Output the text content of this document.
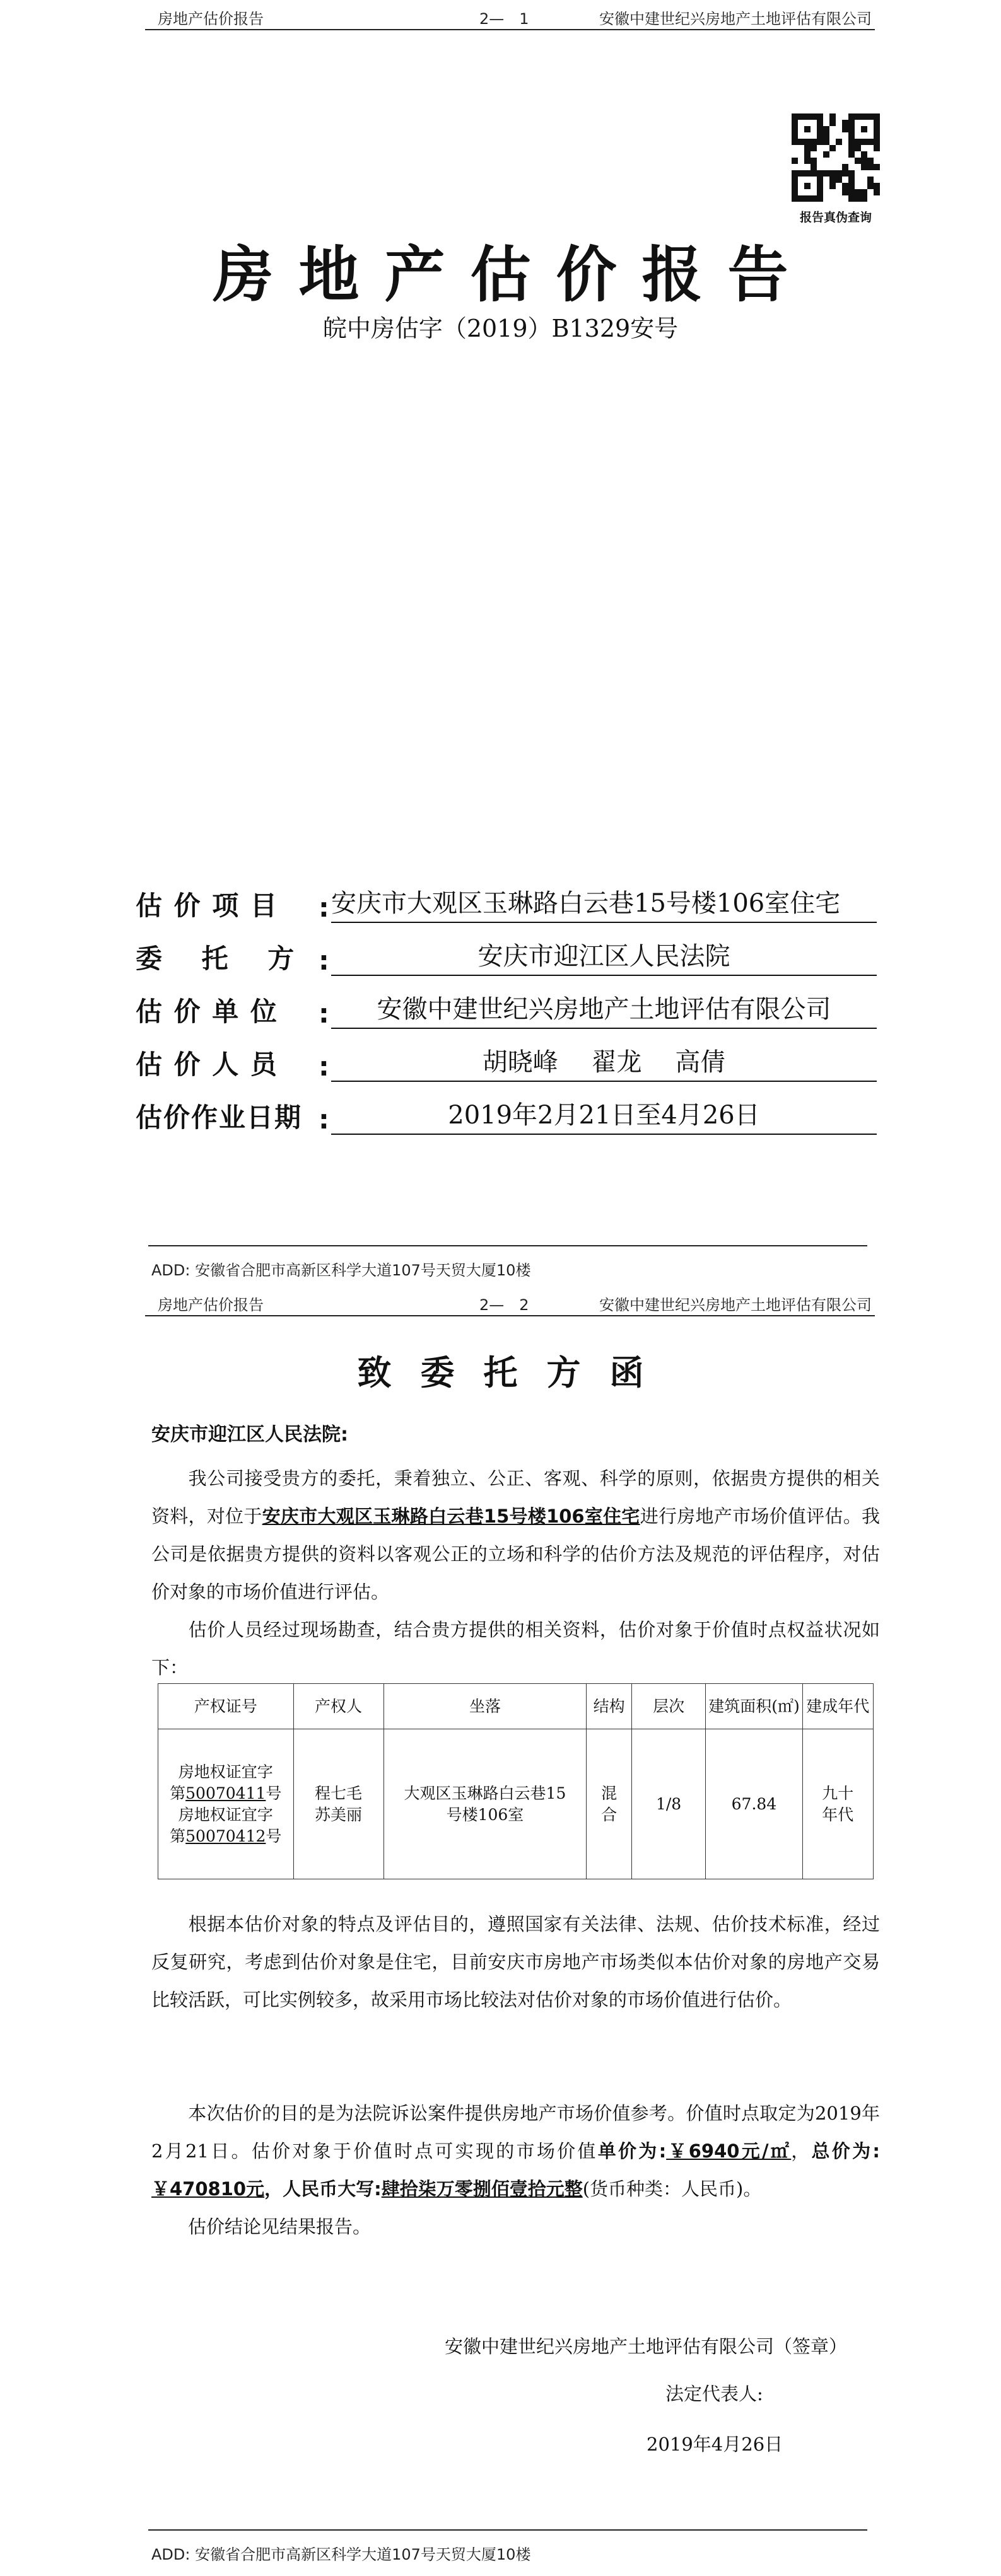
房地产估价报告	2—　1	安徽中建世纪兴房地产土地评估有限公司
报告真伪查询
房地产估价报告
皖中房估字（2019）B1329安号
估 价 项 目	: 安庆市大观区玉琳路白云巷15号楼106室住宅
委　 托　 方 :	安庆市迎江区人民法院
估 价 单 位	:	安徽中建世纪兴房地产土地评估有限公司
估 价 人 员	:	胡晓峰　 翟龙　 高倩
估价作业日期 :	2019年2月21日至4月26日
ADD: 安徽省合肥市高新区科学大道107号天贸大厦10楼
房地产估价报告	2—　2	安徽中建世纪兴房地产土地评估有限公司
致委托方函
安庆市迎江区人民法院:
我公司接受贵方的委托，秉着独立、公正、客观、科学的原则，依据贵方提供的相关资料，对位于安庆市大观区玉琳路白云巷15号楼106室住宅进行房地产市场价值评估。我公司是依据贵方提供的资料以客观公正的立场和科学的估价方法及规范的评估程序，对估价对象的市场价值进行评估。
估价人员经过现场勘查，结合贵方提供的相关资料，估价对象于价值时点权益状况如下：
产权证号	产权人	坐落	结构	层次	建筑面积(㎡)	建成年代

房地权证宜字
第50070411号
房地权证宜字
第50070412号	程七毛 苏美丽	大观区玉琳路白云巷15号楼106室	混合	1/8	67.84	九十年代
根据本估价对象的特点及评估目的，遵照国家有关法律、法规、估价技术标准，经过反复研究，考虑到估价对象是住宅，目前安庆市房地产市场类似本估价对象的房地产交易比较活跃，可比实例较多，故采用市场比较法对估价对象的市场价值进行估价。
本次估价的目的是为法院诉讼案件提供房地产市场价值参考。价值时点取定为2019年2月21日。估价对象于价值时点可实现的市场价值单价为:￥6940元/㎡，总价为:￥470810元，人民币大写:肆拾柒万零捌佰壹拾元整(货币种类：人民币)。
估价结论见结果报告。
安徽中建世纪兴房地产土地评估有限公司（签章）
法定代表人:
2019年4月26日
ADD: 安徽省合肥市高新区科学大道107号天贸大厦10楼
